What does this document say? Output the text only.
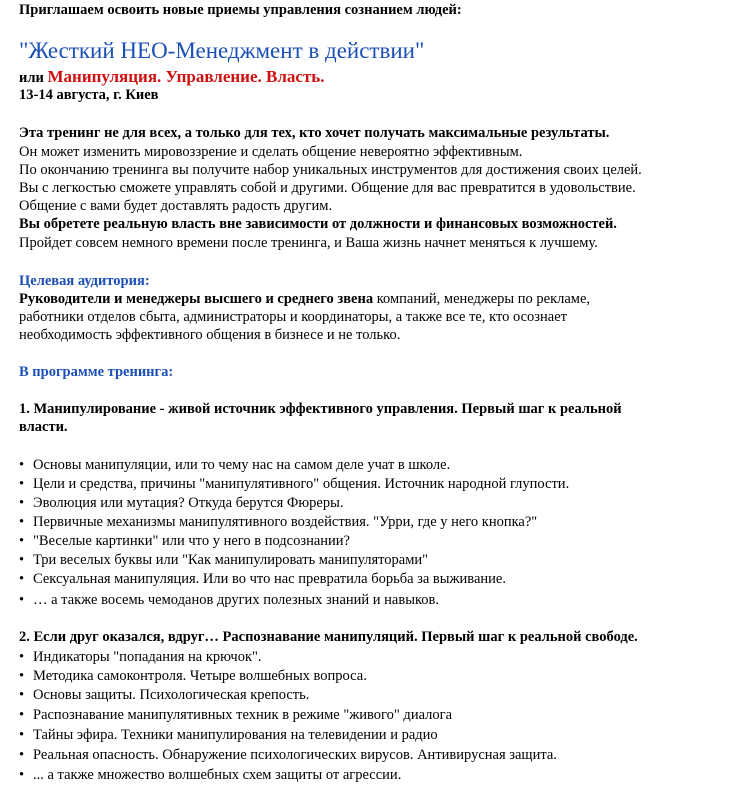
Приглашаем освоить новые приемы управления сознанием людей:
"Жесткий НЕО-Менеджмент в действии"
или Манипуляция. Управление. Власть.
13-14 августа, г. Киев
Эта тренинг не для всех, а только для тех, кто хочет получать максимальные результаты.
Он может изменить мировоззрение и сделать общение невероятно эффективным.
По окончанию тренинга вы получите набор уникальных инструментов для достижения своих целей.
Вы с легкостью сможете управлять собой и другими. Общение для вас превратится в удовольствие.
Общение с вами будет доставлять радость другим.
Вы обретете реальную власть вне зависимости от должности и финансовых возможностей.
Пройдет совсем немного времени после тренинга, и Ваша жизнь начнет меняться к лучшему.
Целевая аудитория:
Руководители и менеджеры высшего и среднего звена компаний, менеджеры по рекламе,
работники отделов сбыта, администраторы и координаторы, а также все те, кто осознает
необходимость эффективного общения в бизнесе и не только.
В программе тренинга:
1. Манипулирование - живой источник эффективного управления. Первый шаг к реальной
власти.
• Основы манипуляции, или то чему нас на самом деле учат в школе.
• Цели и средства, причины "манипулятивного" общения. Источник народной глупости.
• Эволюция или мутация? Откуда берутся Фюреры.
• Первичные механизмы манипулятивного воздействия. "Урри, где у него кнопка?"
• "Веселые картинки" или что у него в подсознании?
• Три веселых буквы или "Как манипулировать манипуляторами"
• Сексуальная манипуляция. Или во что нас превратила борьба за выживание.
• … а также восемь чемоданов других полезных знаний и навыков.
2. Если друг оказался, вдруг… Распознавание манипуляций. Первый шаг к реальной свободе.
• Индикаторы "попадания на крючок".
• Методика самоконтроля. Четыре волшебных вопроса.
• Основы защиты. Психологическая крепость.
• Распознавание манипулятивных техник в режиме "живого" диалога
• Тайны эфира. Техники манипулирования на телевидении и радио
• Реальная опасность. Обнаружение психологических вирусов. Антивирусная защита.
• ... а также множество волшебных схем защиты от агрессии.
